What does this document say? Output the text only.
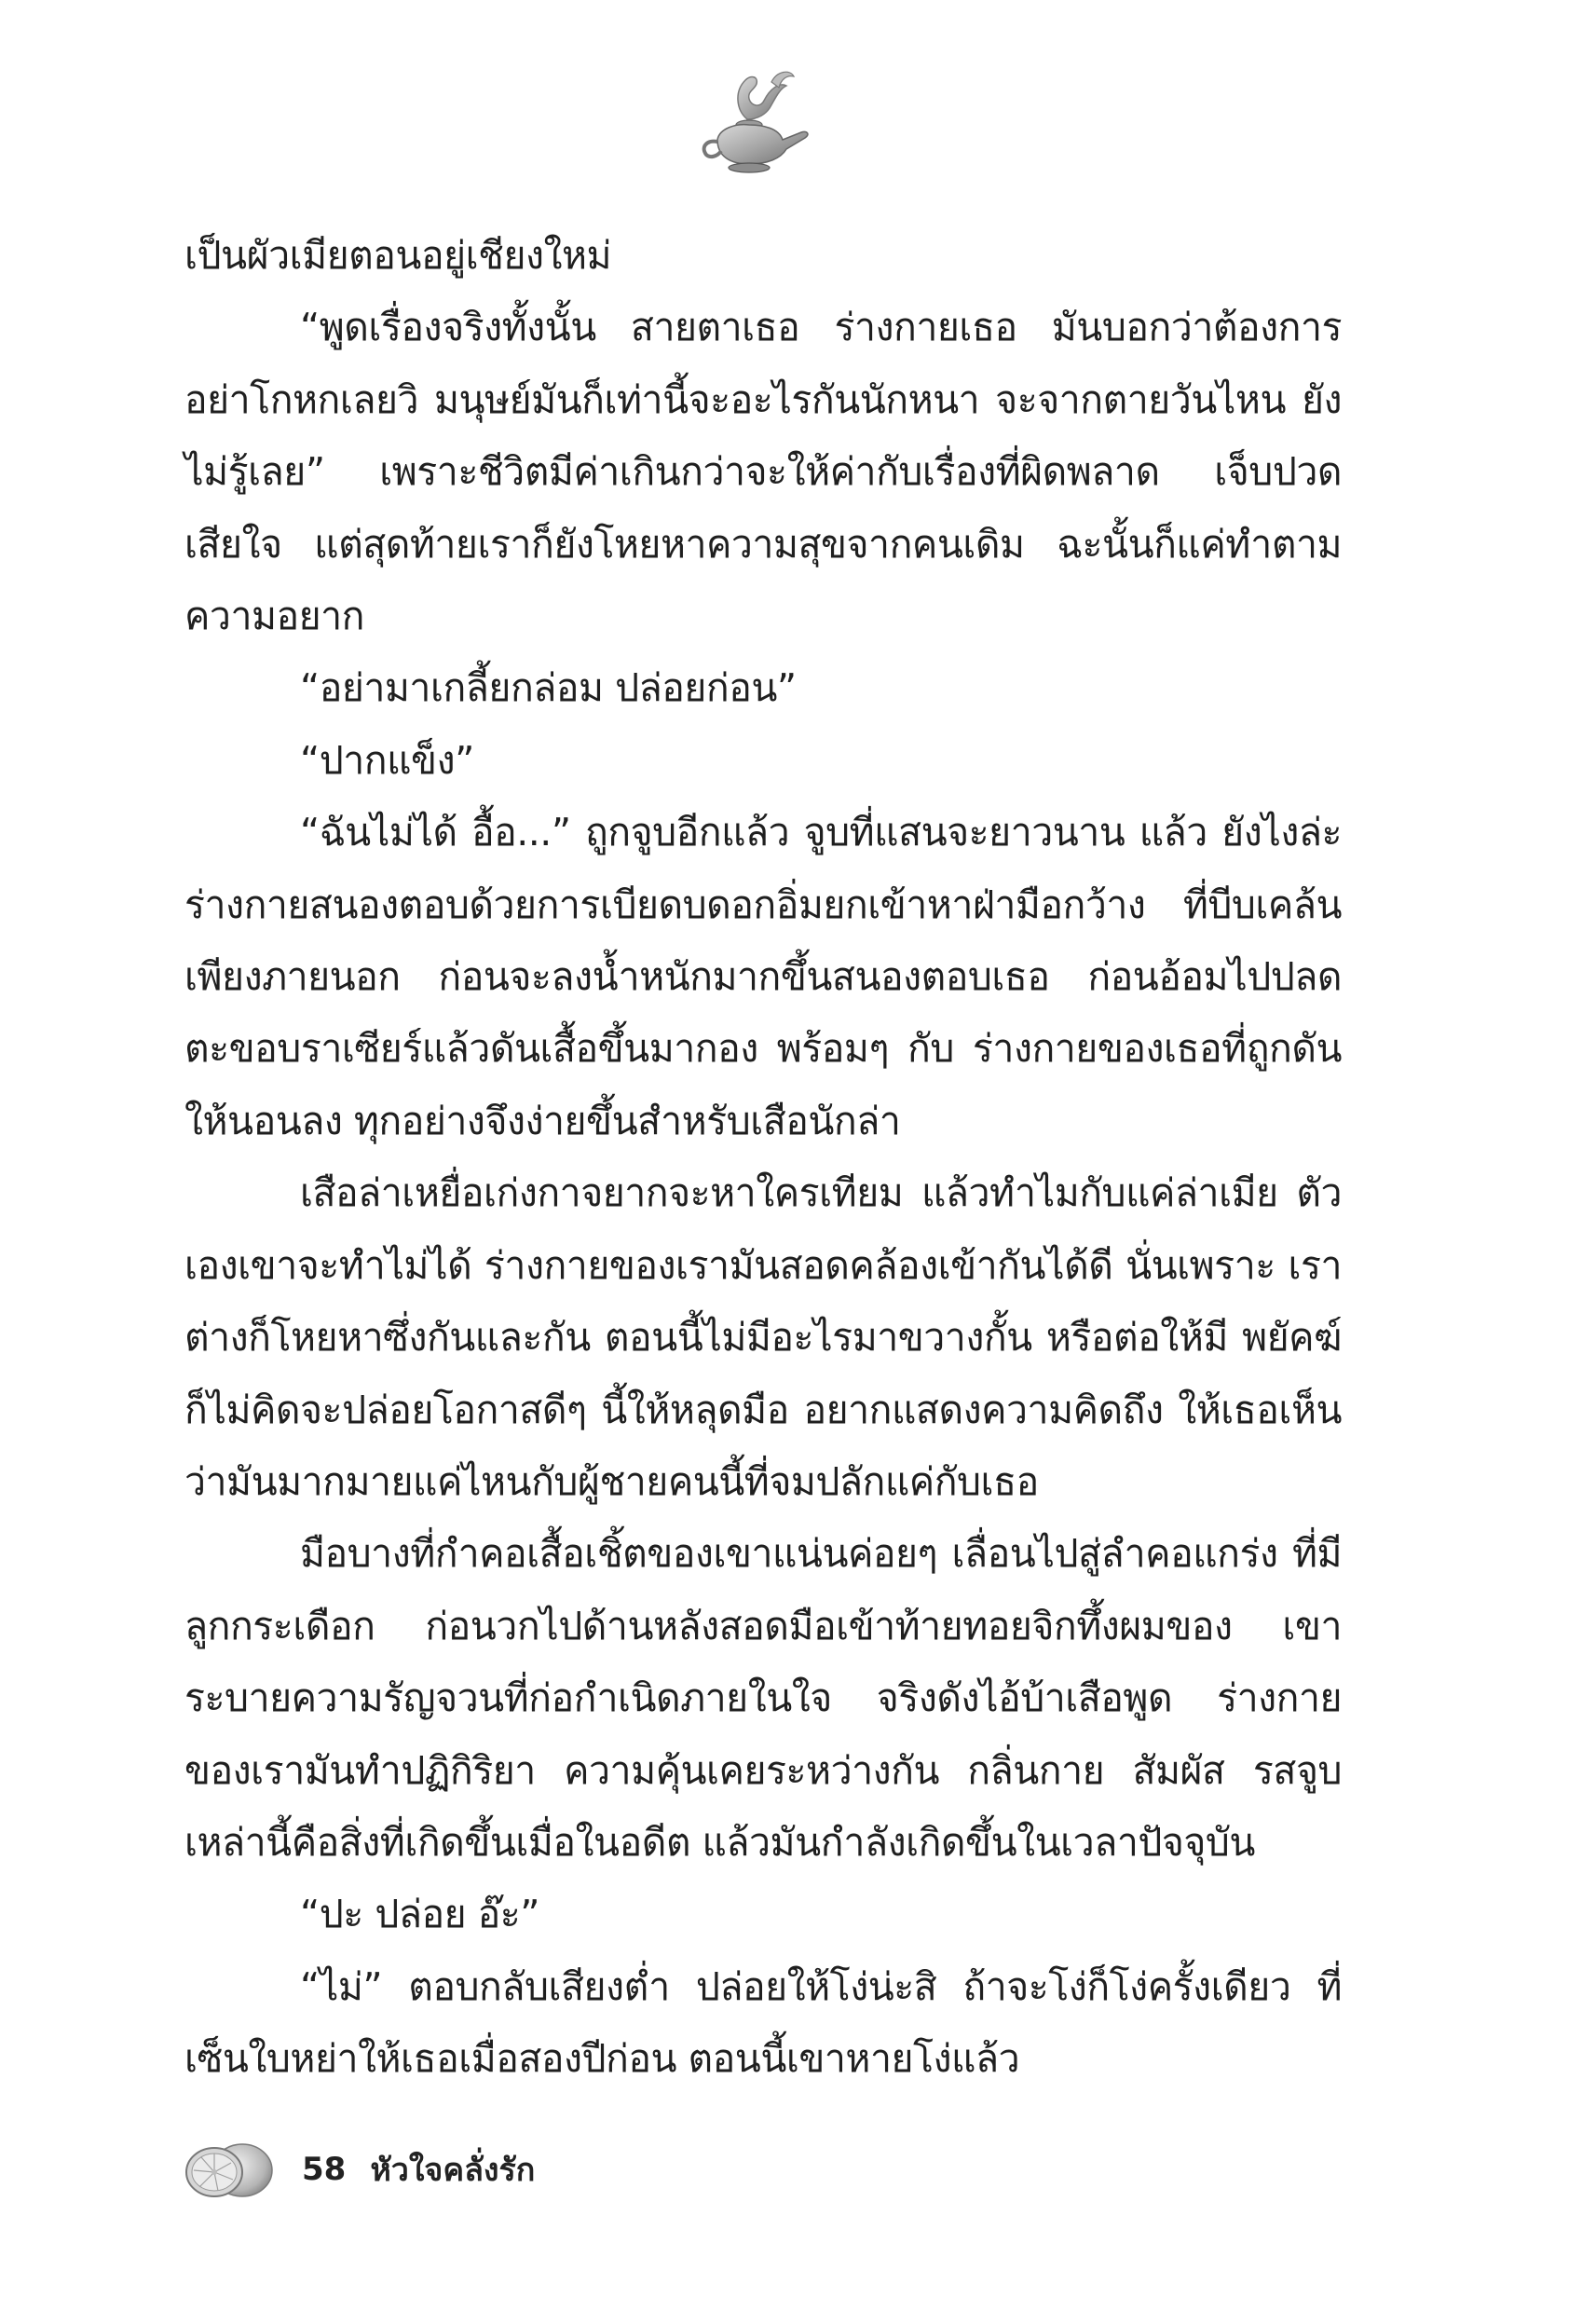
เป็นผัวเมียตอนอยู่เชียงใหม่

“พูดเรื่องจริงทั้งนั้น สายตาเธอ ร่างกายเธอ มันบอกว่าต้องการ อย่าโกหกเลยวิ มนุษย์มันก็เท่านี้จะอะไรกันนักหนา จะจากตายวันไหน ยังไม่รู้เลย” เพราะชีวิตมีค่าเกินกว่าจะให้ค่ากับเรื่องที่ผิดพลาด เจ็บปวด เสียใจ แต่สุดท้ายเราก็ยังโหยหาความสุขจากคนเดิม ฉะนั้นก็แค่ทำตาม ความอยาก

“อย่ามาเกลี้ยกล่อม ปล่อยก่อน”

“ปากแข็ง”

“ฉันไม่ได้ อื้อ...” ถูกจูบอีกแล้ว จูบที่แสนจะยาวนาน แล้ว ยังไงล่ะ ร่างกายสนองตอบด้วยการเบียดบดอกอิ่มยกเข้าหาฝ่ามือกว้าง ที่บีบเคล้นเพียงภายนอก ก่อนจะลงน้ำหนักมากขึ้นสนองตอบเธอ ก่อนอ้อมไปปลดตะขอบราเซียร์แล้วดันเสื้อขึ้นมากอง พร้อมๆ กับ ร่างกายของเธอที่ถูกดันให้นอนลง ทุกอย่างจึงง่ายขึ้นสำหรับเสือนักล่า

เสือล่าเหยื่อเก่งกาจยากจะหาใครเทียม แล้วทำไมกับแค่ล่าเมีย ตัวเองเขาจะทำไม่ได้ ร่างกายของเรามันสอดคล้องเข้ากันได้ดี นั่นเพราะ เราต่างก็โหยหาซึ่งกันและกัน ตอนนี้ไม่มีอะไรมาขวางกั้น หรือต่อให้มี พยัคฆ์ก็ไม่คิดจะปล่อยโอกาสดีๆ นี้ให้หลุดมือ อยากแสดงความคิดถึง ให้เธอเห็นว่ามันมากมายแค่ไหนกับผู้ชายคนนี้ที่จมปลักแค่กับเธอ

มือบางที่กำคอเสื้อเชิ้ตของเขาแน่นค่อยๆ เลื่อนไปสู่ลำคอแกร่ง ที่มีลูกกระเดือก ก่อนวกไปด้านหลังสอดมือเข้าท้ายทอยจิกทึ้งผมของ เขาระบายความรัญจวนที่ก่อกำเนิดภายในใจ จริงดังไอ้บ้าเสือพูด ร่างกาย ของเรามันทำปฏิกิริยา ความคุ้นเคยระหว่างกัน กลิ่นกาย สัมผัส รสจูบ เหล่านี้คือสิ่งที่เกิดขึ้นเมื่อในอดีต แล้วมันกำลังเกิดขึ้นในเวลาปัจจุบัน

“ปะ ปล่อย อ๊ะ”

“ไม่” ตอบกลับเสียงต่ำ ปล่อยให้โง่น่ะสิ ถ้าจะโง่ก็โง่ครั้งเดียว ที่เซ็นใบหย่าให้เธอเมื่อสองปีก่อน ตอนนี้เขาหายโง่แล้ว

58 หัวใจคลั่งรัก
